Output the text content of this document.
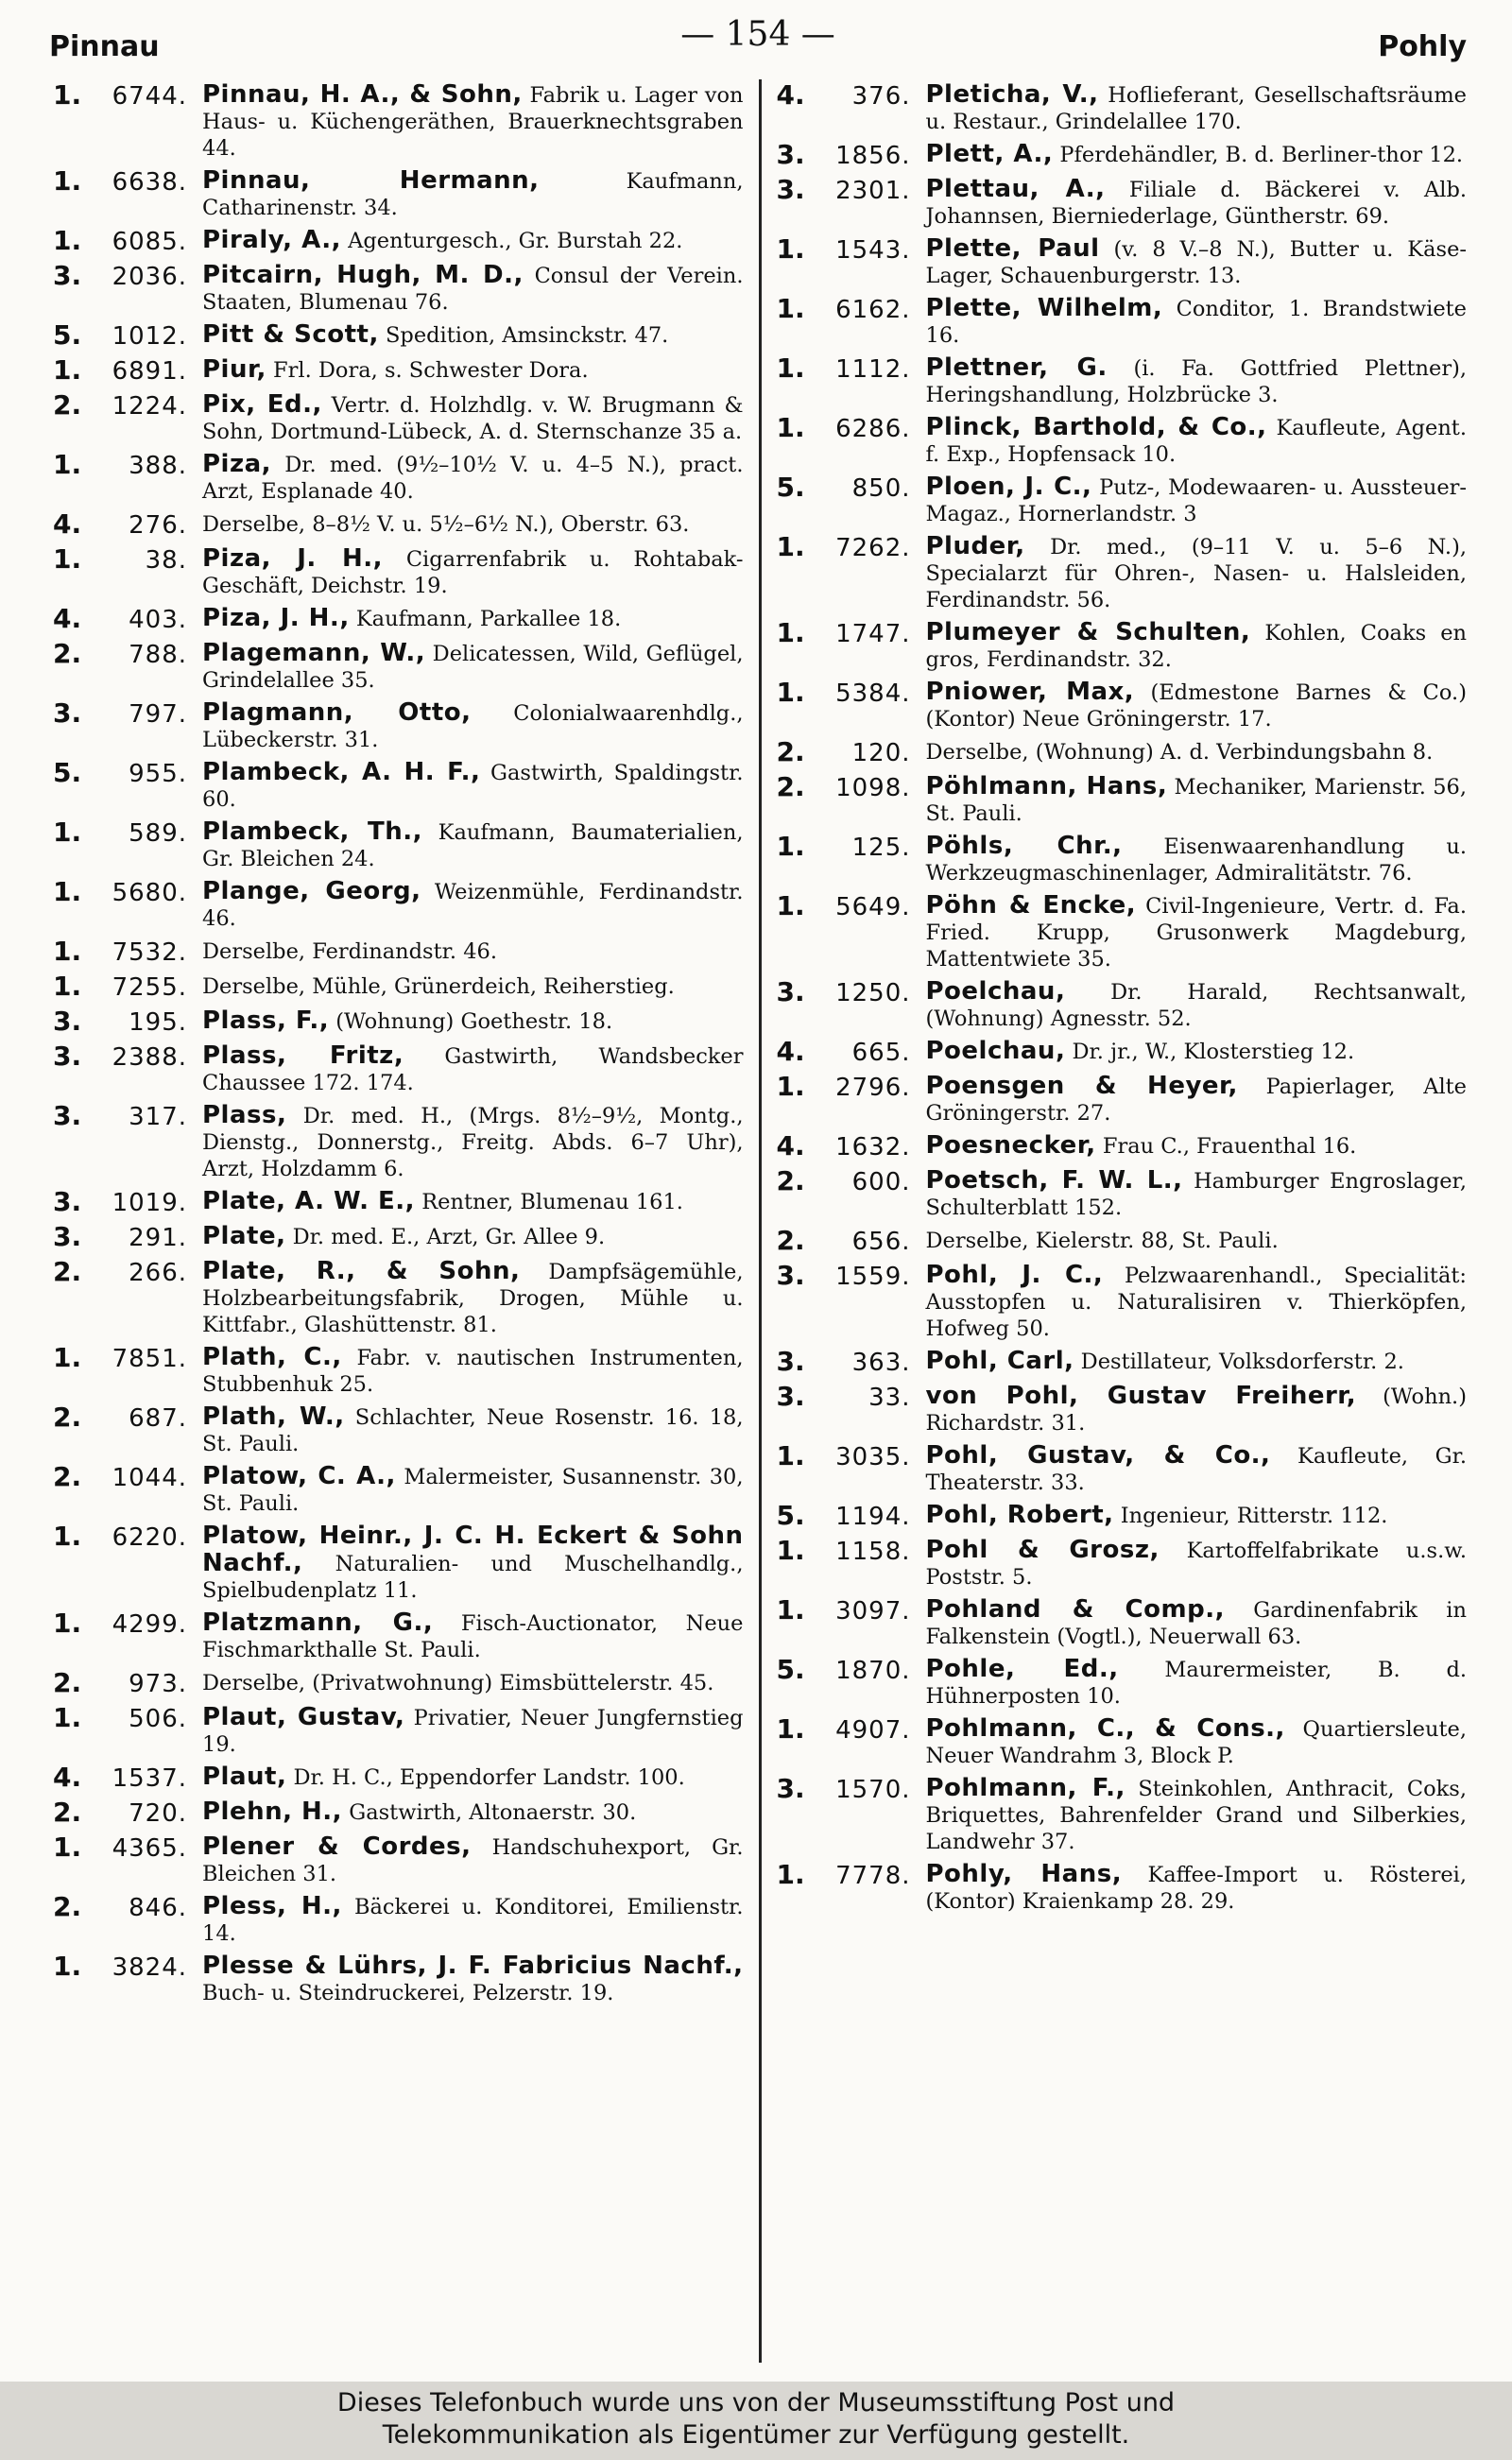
Pinnau	— 154 —	Pohly
1.	6744. Pinnau, H. A., & Sohn, Fabrik u. Lager von Haus- u. Küchengeräthen, Brauerknechtsgraben 44.
1.	6638. Pinnau, Hermann,	Kaufmann, Catharinenstr. 34.
1.	6085. Piraly, A., Agenturgesch., Gr. Burstah 22.
3.	2036. Pitcairn, Hugh, M. D., Consul der Verein. Staaten, Blumenau 76.
5.	1012. Pitt & Scott, Spedition, Amsinckstr. 47.
1.	6891. Piur, Frl. Dora, s. Schwester Dora.
2.	1224. Pix, Ed., Vertr. d. Holzhdlg. v. W. Brugmann & Sohn, Dortmund-Lübeck, A. d. Sternschanze 35 a.
1.	388. Piza, Dr. med. (9½–10½ V. u. 4–5 N.), pract. Arzt, Esplanade 40.
4.	276. Derselbe, 8–8½ V. u. 5½–6½ N.), Oberstr. 63.
1.	38. Piza, J. H., Cigarrenfabrik u. Rohtabak-Geschäft, Deichstr. 19.
4.	403. Piza, J. H., Kaufmann, Parkallee 18.
2.	788. Plagemann, W., Delicatessen, Wild, Geflügel, Grindelallee 35.
3.	797. Plagmann, Otto, Colonialwaarenhdlg., Lübeckerstr. 31.
5.	955. Plambeck, A. H. F., Gastwirth, Spaldingstr. 60.
1.	589. Plambeck, Th., Kaufmann, Baumaterialien, Gr. Bleichen 24.
1.	5680. Plange, Georg, Weizenmühle, Ferdinandstr. 46.
1.	7532. Derselbe, Ferdinandstr. 46.
1.	7255. Derselbe, Mühle, Grünerdeich, Reiherstieg.
3.	195. Plass, F., (Wohnung) Goethestr. 18.
3.	2388. Plass, Fritz, Gastwirth, Wandsbecker Chaussee 172. 174.
3.	317. Plass, Dr. med. H., (Mrgs. 8½–9½, Montg., Dienstg., Donnerstg., Freitg. Abds. 6–7 Uhr), Arzt, Holzdamm 6.
3.	1019. Plate, A. W. E., Rentner, Blumenau 161.
3.	291. Plate, Dr. med. E., Arzt, Gr. Allee 9.
2.	266. Plate, R., & Sohn, Dampfsägemühle, Holzbearbeitungsfabrik, Drogen, Mühle u. Kittfabr., Glashüttenstr. 81.
1.	7851. Plath, C., Fabr. v. nautischen Instrumenten, Stubbenhuk 25.
2.	687. Plath, W., Schlachter, Neue Rosenstr. 16. 18, St. Pauli.
2.	1044. Platow, C. A., Malermeister, Susannenstr. 30, St. Pauli.
1.	6220. Platow, Heinr., J. C. H. Eckert & Sohn Nachf., Naturalien- und Muschelhandlg., Spielbudenplatz 11.
1.	4299. Platzmann, G., Fisch-Auctionator, Neue Fischmarkthalle St. Pauli.
2.	973. Derselbe, (Privatwohnung) Eimsbüttelerstr. 45.
1.	506. Plaut, Gustav, Privatier, Neuer Jungfernstieg 19.
4.	1537. Plaut, Dr. H. C., Eppendorfer Landstr. 100.
2.	720. Plehn, H., Gastwirth, Altonaerstr. 30.
1.	4365. Plener & Cordes, Handschuhexport, Gr. Bleichen 31.
2.	846. Pless, H., Bäckerei u. Konditorei, Emilienstr. 14.
1.	3824. Plesse & Lührs, J. F. Fabricius Nachf., Buch- u. Steindruckerei, Pelzerstr. 19.
4.	376. Pleticha, V., Hoflieferant, Gesellschaftsräume u. Restaur., Grindelallee 170.
3.	1856. Plett, A., Pferdehändler, B. d. Berliner-thor 12.
3.	2301. Plettau, A., Filiale d. Bäckerei v. Alb. Johannsen, Bierniederlage, Güntherstr. 69.
1.	1543. Plette, Paul (v. 8 V.–8 N.), Butter u. Käse-Lager, Schauenburgerstr. 13.
1.	6162. Plette, Wilhelm, Conditor, 1. Brandstwiete 16.
1.	1112. Plettner, G. (i. Fa. Gottfried Plettner), Heringshandlung, Holzbrücke 3.
1.	6286. Plinck, Barthold, & Co., Kaufleute, Agent. f. Exp., Hopfensack 10.
5.	850. Ploen, J. C., Putz-, Modewaaren- u. Aussteuer-Magaz., Hornerlandstr. 3
1.	7262. Pluder, Dr. med., (9–11 V. u. 5–6 N.), Specialarzt für Ohren-, Nasen- u. Halsleiden, Ferdinandstr. 56.
1.	1747. Plumeyer & Schulten, Kohlen, Coaks en gros, Ferdinandstr. 32.
1.	5384. Pniower, Max, (Edmestone Barnes & Co.) (Kontor) Neue Gröningerstr. 17.
2.	120. Derselbe, (Wohnung) A. d. Verbindungsbahn 8.
2.	1098. Pöhlmann, Hans, Mechaniker, Marienstr. 56, St. Pauli.
1.	125. Pöhls, Chr., Eisenwaarenhandlung u. Werkzeugmaschinenlager, Admiralitätstr. 76.
1.	5649. Pöhn & Encke, Civil-Ingenieure, Vertr. d. Fa. Fried. Krupp, Grusonwerk Magdeburg, Mattentwiete 35.
3.	1250. Poelchau, Dr. Harald, Rechtsanwalt, (Wohnung) Agnesstr. 52.
4.	665. Poelchau, Dr. jr., W., Klosterstieg 12.
1.	2796. Poensgen & Heyer, Papierlager, Alte Gröningerstr. 27.
4.	1632. Poesnecker, Frau C., Frauenthal 16.
2.	600. Poetsch, F. W. L., Hamburger Engroslager, Schulterblatt 152.
2.	656. Derselbe, Kielerstr. 88, St. Pauli.
3.	1559. Pohl, J. C., Pelzwaarenhandl., Specialität: Ausstopfen u. Naturalisiren v. Thierköpfen, Hofweg 50.
3.	363. Pohl, Carl, Destillateur, Volksdorferstr. 2.
3.	33. von Pohl, Gustav Freiherr, (Wohn.) Richardstr. 31.
1.	3035. Pohl, Gustav, & Co., Kaufleute, Gr. Theaterstr. 33.
5.	1194. Pohl, Robert, Ingenieur, Ritterstr. 112.
1.	1158. Pohl & Grosz, Kartoffelfabrikate u.s.w. Poststr. 5.
1.	3097. Pohland & Comp., Gardinenfabrik in Falkenstein (Vogtl.), Neuerwall 63.
5.	1870. Pohle, Ed., Maurermeister, B. d. Hühnerposten 10.
1.	4907. Pohlmann, C., & Cons., Quartiersleute, Neuer Wandrahm 3, Block P.
3.	1570. Pohlmann, F., Steinkohlen, Anthracit, Coks, Briquettes, Bahrenfelder Grand und Silberkies, Landwehr 37.
1.	7778. Pohly, Hans, Kaffee-Import u. Rösterei, (Kontor) Kraienkamp 28. 29.
Dieses Telefonbuch wurde uns von der Museumsstiftung Post und
Telekommunikation als Eigentümer zur Verfügung gestellt.
